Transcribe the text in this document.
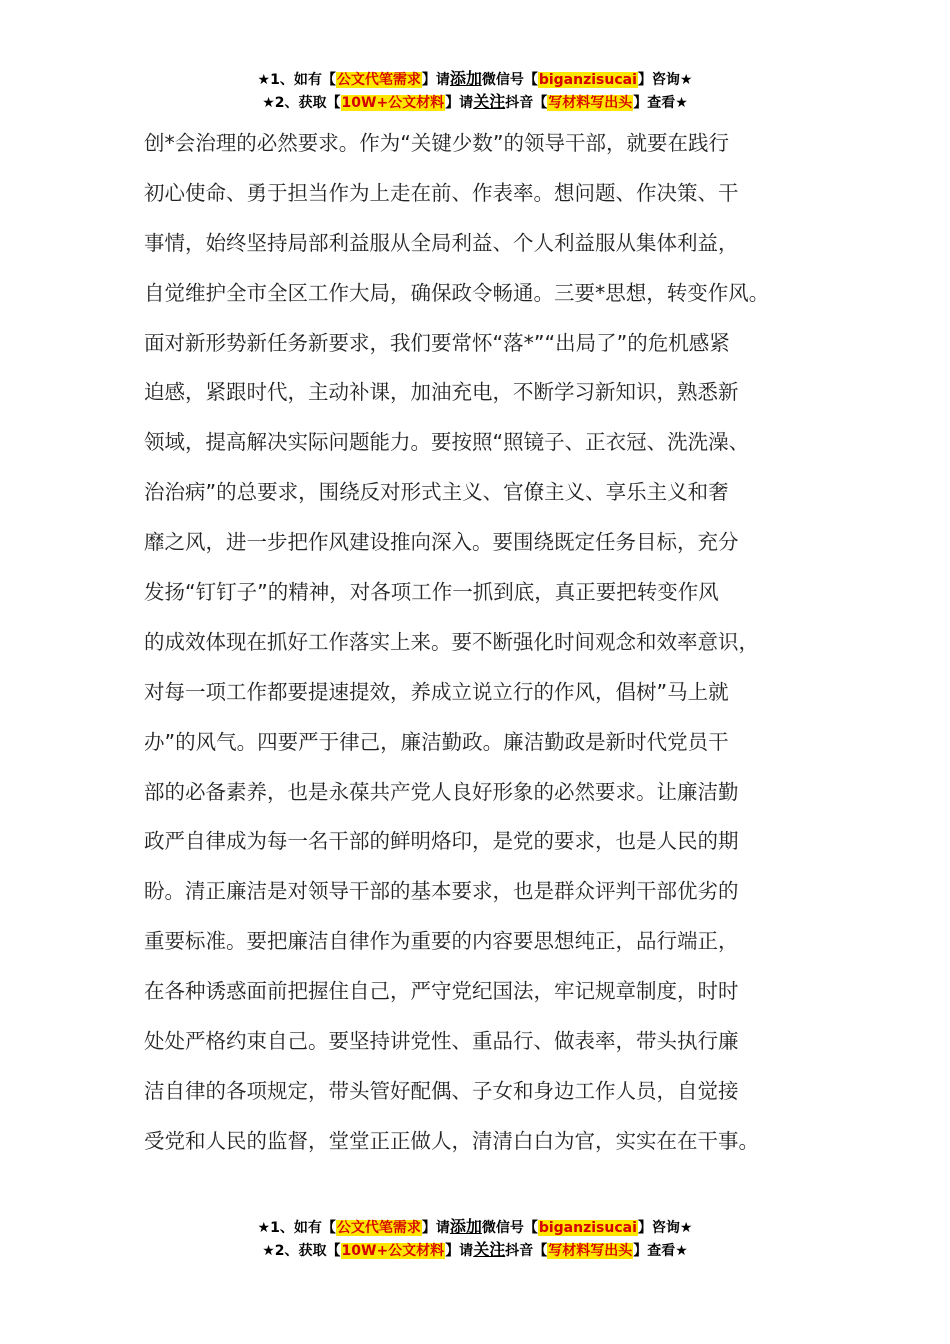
★1、如有【公文代笔需求】请添加微信号【biganzisucai】咨询★
★2、获取【10W+公文材料】请关注抖音【写材料写出头】查看★
创*会治理的必然要求。作为“关键少数”的领导干部，就要在践行
初心使命、勇于担当作为上走在前、作表率。想问题、作决策、干
事情，始终坚持局部利益服从全局利益、个人利益服从集体利益，
自觉维护全市全区工作大局，确保政令畅通。三要*思想，转变作风。
面对新形势新任务新要求，我们要常怀“落*”“出局了”的危机感紧
迫感，紧跟时代，主动补课，加油充电，不断学习新知识，熟悉新
领域，提高解决实际问题能力。要按照“照镜子、正衣冠、洗洗澡、
治治病”的总要求，围绕反对形式主义、官僚主义、享乐主义和奢
靡之风，进一步把作风建设推向深入。要围绕既定任务目标，充分
发扬“钉钉子”的精神，对各项工作一抓到底，真正要把转变作风
的成效体现在抓好工作落实上来。要不断强化时间观念和效率意识，
对每一项工作都要提速提效，养成立说立行的作风，倡树”马上就
办”的风气。四要严于律己，廉洁勤政。廉洁勤政是新时代党员干
部的必备素养，也是永葆共产党人良好形象的必然要求。让廉洁勤
政严自律成为每一名干部的鲜明烙印，是党的要求，也是人民的期
盼。清正廉洁是对领导干部的基本要求，也是群众评判干部优劣的
重要标准。要把廉洁自律作为重要的内容要思想纯正，品行端正，
在各种诱惑面前把握住自己，严守党纪国法，牢记规章制度，时时
处处严格约束自己。要坚持讲党性、重品行、做表率，带头执行廉
洁自律的各项规定，带头管好配偶、子女和身边工作人员，自觉接
受党和人民的监督，堂堂正正做人，清清白白为官，实实在在干事。
★1、如有【公文代笔需求】请添加微信号【biganzisucai】咨询★
★2、获取【10W+公文材料】请关注抖音【写材料写出头】查看★
